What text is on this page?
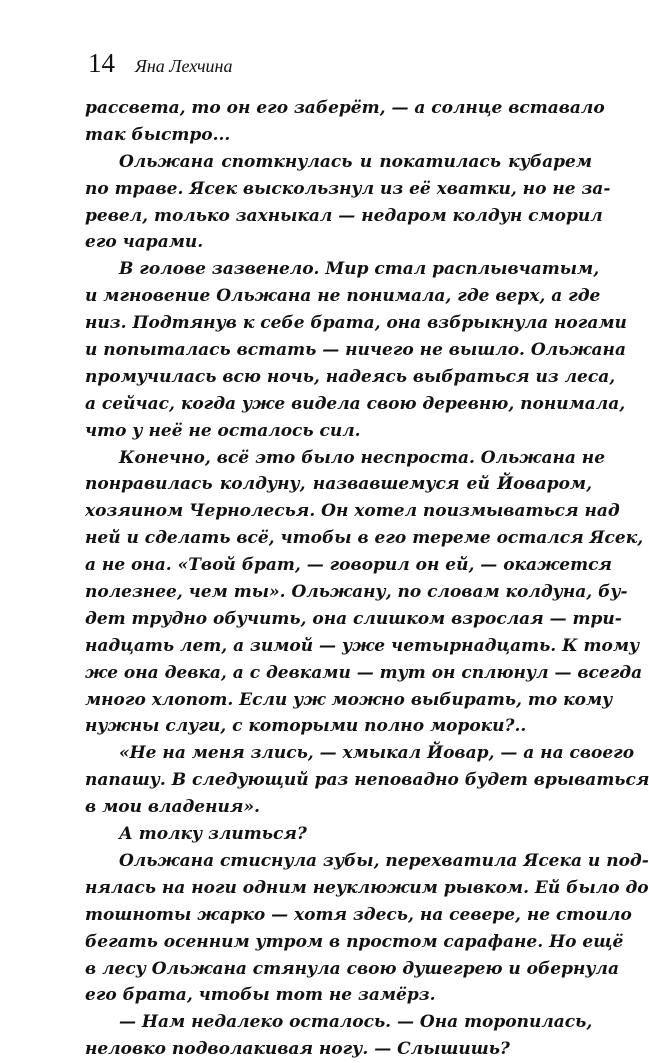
14 Яна Лехчина
рассвета, то он его заберёт, — а солнце вставало
так быстро...
Ольжана споткнулась и покатилась кубарем
по траве. Ясек выскользнул из её хватки, но не за-
ревел, только захныкал — недаром колдун сморил
его чарами.
В голове зазвенело. Мир стал расплывчатым,
и мгновение Ольжана не понимала, где верх, а где
низ. Подтянув к себе брата, она взбрыкнула ногами
и попыталась встать — ничего не вышло. Ольжана
промучилась всю ночь, надеясь выбраться из леса,
а сейчас, когда уже видела свою деревню, понимала,
что у неё не осталось сил.
Конечно, всё это было неспроста. Ольжана не
понравилась колдуну, назвавшемуся ей Йоваром,
хозяином Чернолесья. Он хотел поизмываться над
ней и сделать всё, чтобы в его тереме остался Ясек,
а не она. «Твой брат, — говорил он ей, — окажется
полезнее, чем ты». Ольжану, по словам колдуна, бу-
дет трудно обучить, она слишком взрослая — три-
надцать лет, а зимой — уже четырнадцать. К тому
же она девка, а с девками — тут он сплюнул — всегда
много хлопот. Если уж можно выбирать, то кому
нужны слуги, с которыми полно мороки?..
«Не на меня злись, — хмыкал Йовар, — а на своего
папашу. В следующий раз неповадно будет врываться
в мои владения».
А толку злиться?
Ольжана стиснула зубы, перехватила Ясека и под-
нялась на ноги одним неуклюжим рывком. Ей было до
тошноты жарко — хотя здесь, на севере, не стоило
бегать осенним утром в простом сарафане. Но ещё
в лесу Ольжана стянула свою душегрею и обернула
его брата, чтобы тот не замёрз.
— Нам недалеко осталось. — Она торопилась,
неловко подволакивая ногу. — Слышишь?
